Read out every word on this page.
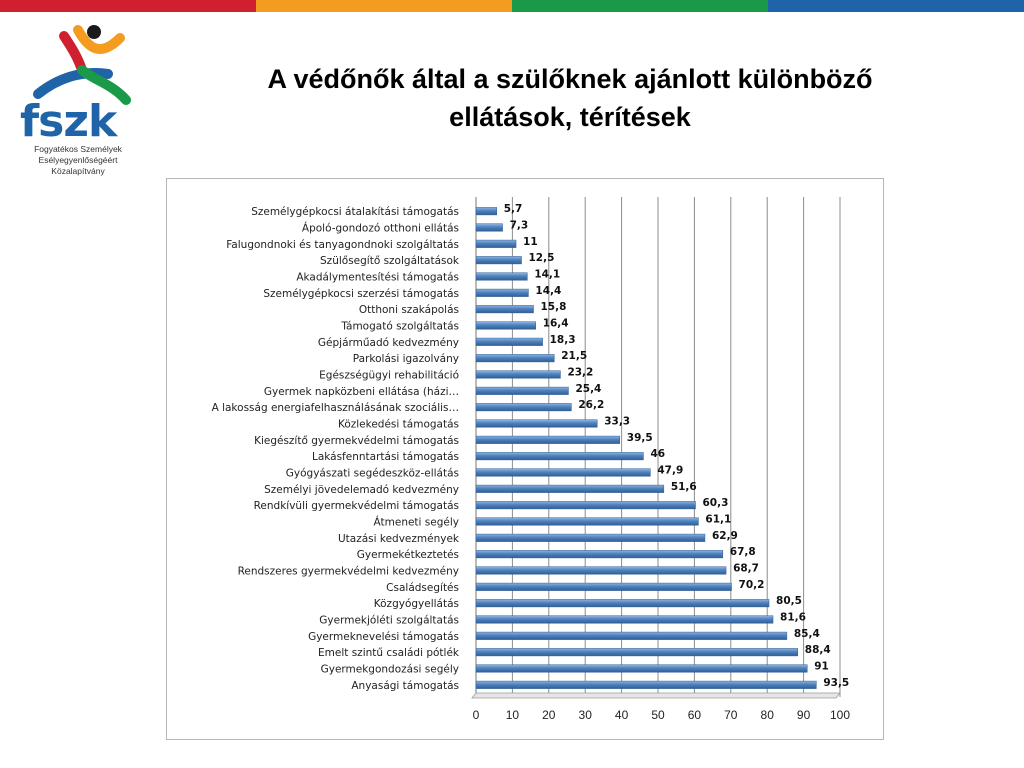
fszk
Fogyatékos Személyek
Esélyegyenlőségéért
Közalapítvány
A védőnők által a szülőknek ajánlott különböző
ellátások, térítések
0 10 20 30 40 50 60 70 80 90 100
Személygépkocsi átalakítási támogatás	5,7
Ápoló-gondozó otthoni ellátás	7,3
Falugondnoki és tanyagondnoki szolgáltatás	11
Szülősegítő szolgáltatások	12,5
Akadálymentesítési támogatás	14,1
Személygépkocsi szerzési támogatás	14,4
Otthoni szakápolás	15,8
Támogató szolgáltatás	16,4
Gépjárműadó kedvezmény	18,3
Parkolási igazolvány	21,5
Egészségügyi rehabilitáció	23,2
Gyermek napközbeni ellátása (házi…	25,4
A lakosság energiafelhasználásának szociális…	26,2
Közlekedési támogatás	33,3
Kiegészítő gyermekvédelmi támogatás	39,5
Lakásfenntartási támogatás	46
Gyógyászati segédeszköz-ellátás	47,9
Személyi jövedelemadó kedvezmény	51,6
Rendkívüli gyermekvédelmi támogatás	60,3
Átmeneti segély	61,1
Utazási kedvezmények	62,9
Gyermekétkeztetés	67,8
Rendszeres gyermekvédelmi kedvezmény	68,7
Családsegítés	70,2
Közgyógyellátás	80,5
Gyermekjóléti szolgáltatás	81,6
Gyermeknevelési támogatás	85,4
Emelt szintű családi pótlék	88,4
Gyermekgondozási segély	91
Anyasági támogatás	93,5
